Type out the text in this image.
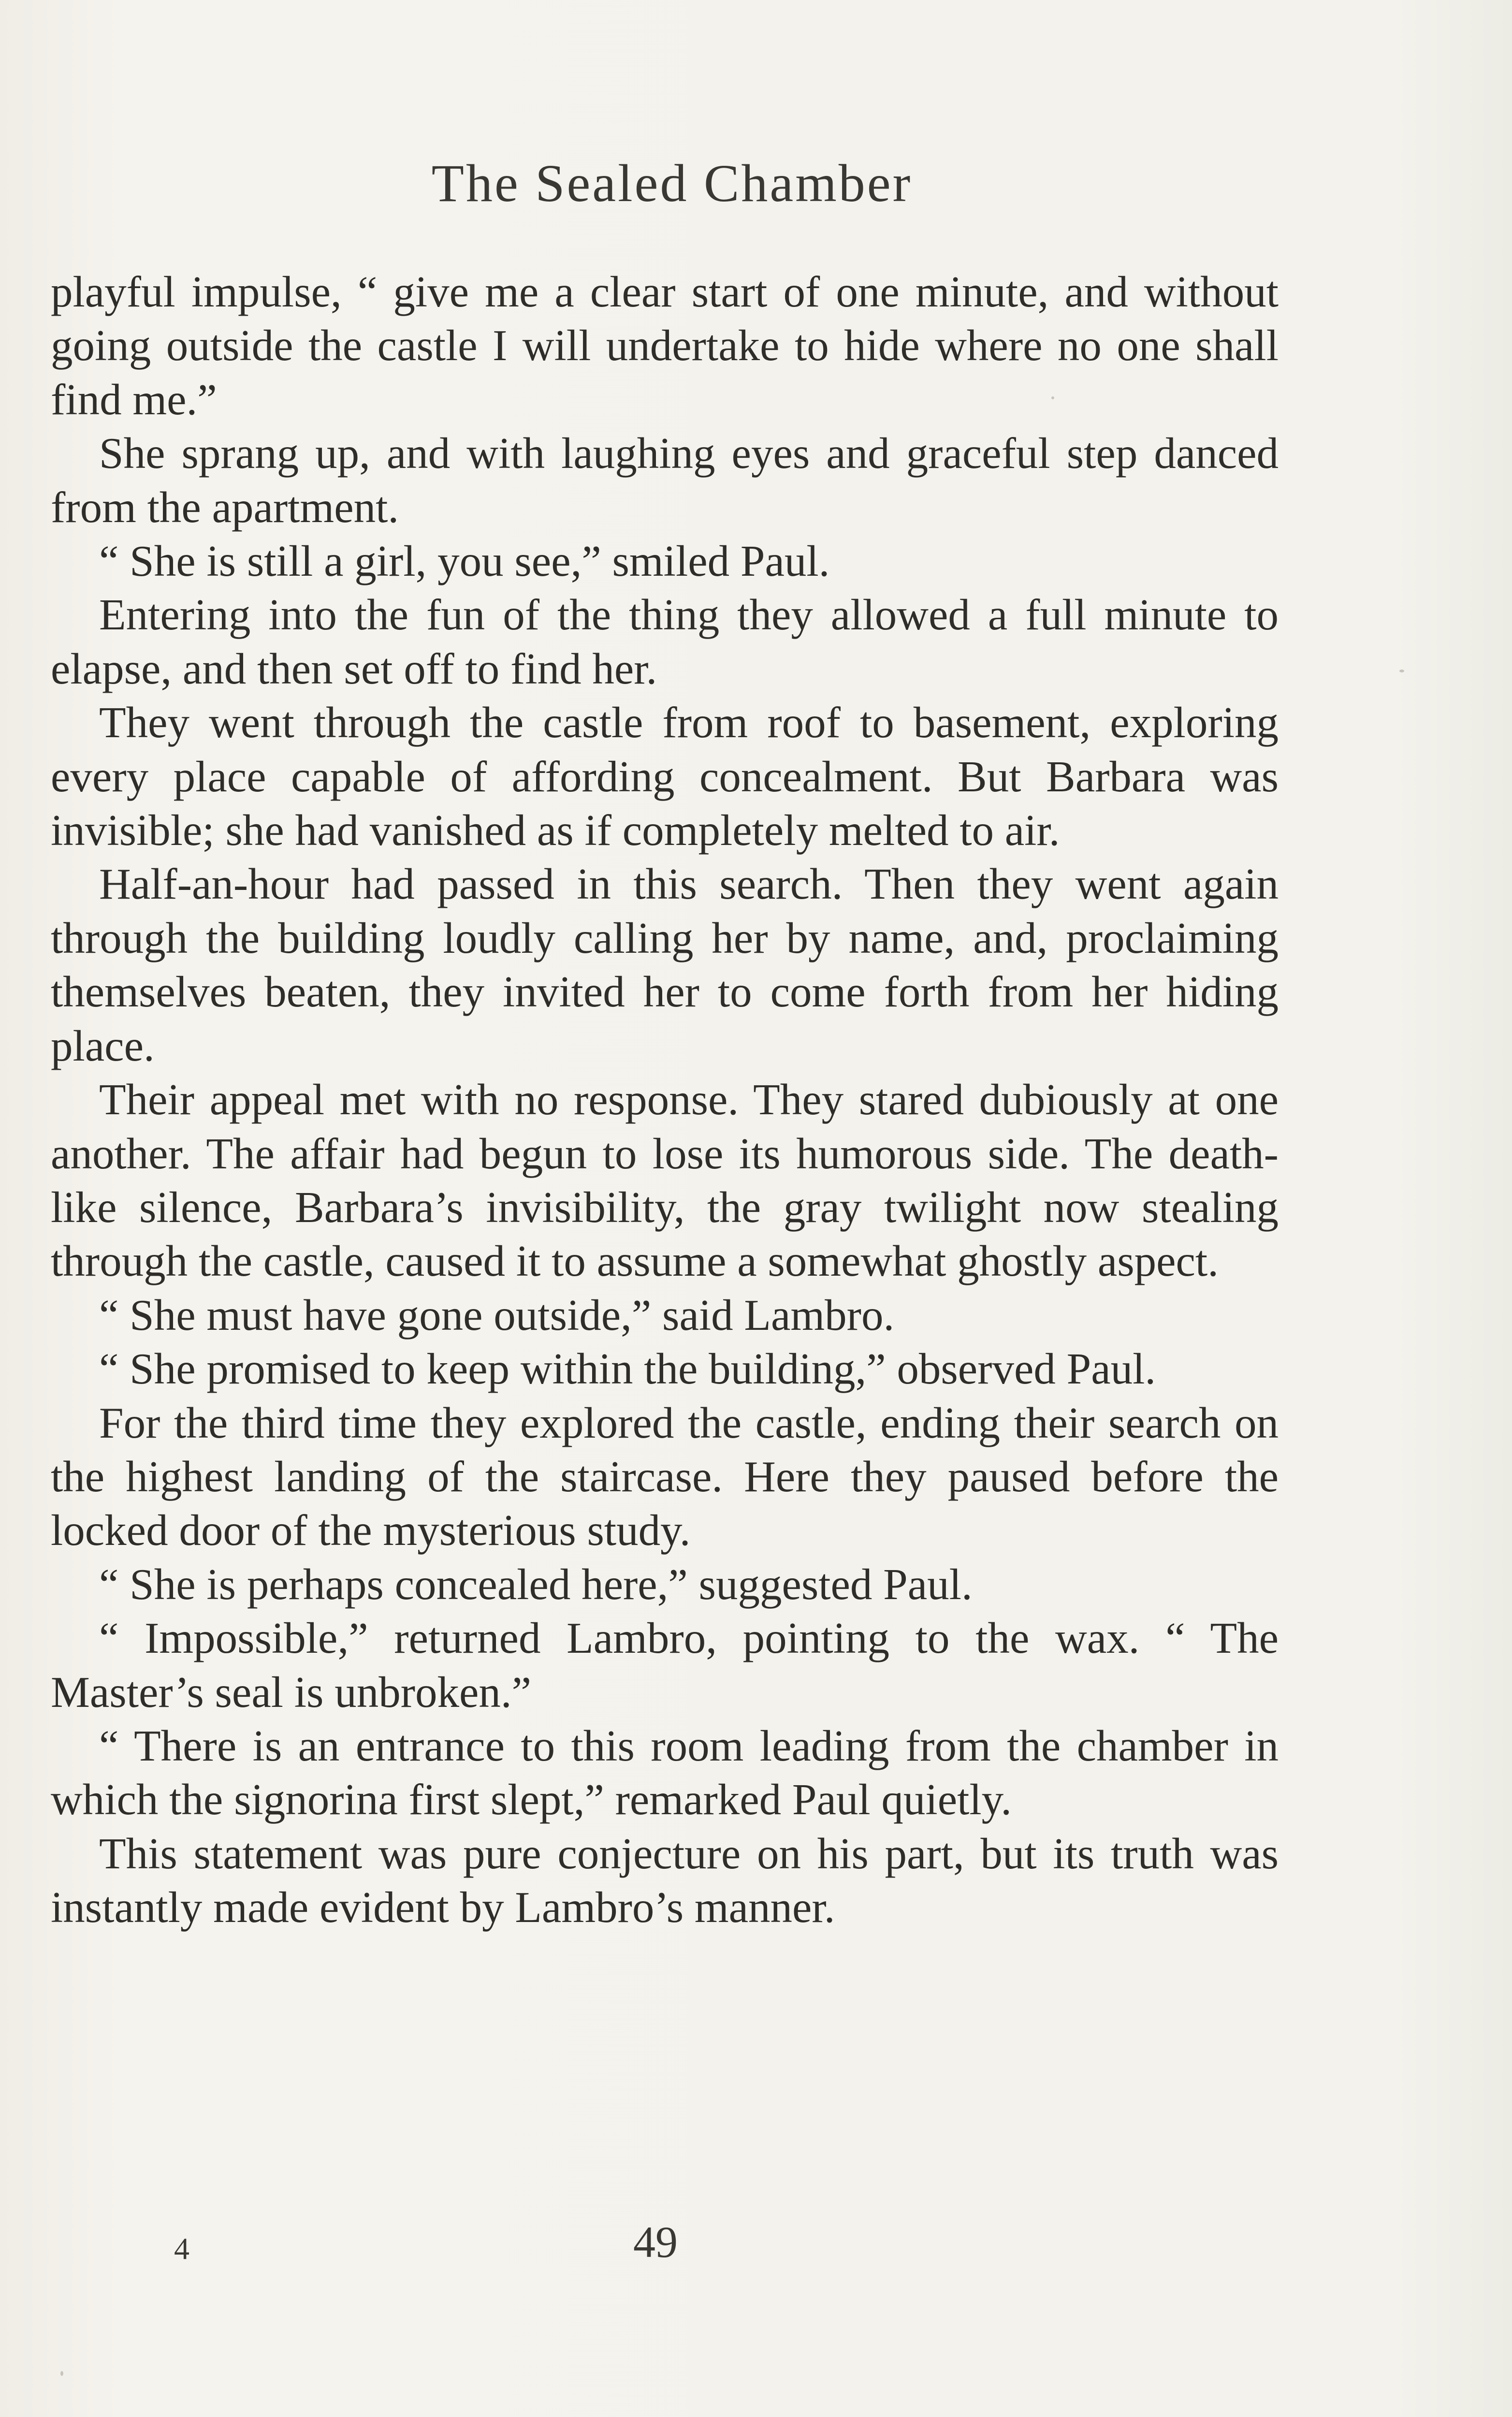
The Sealed Chamber

playful impulse, “ give me a clear start of one minute, and without going outside the castle I will undertake to hide where no one shall find me.”

She sprang up, and with laughing eyes and graceful step danced from the apartment.

“ She is still a girl, you see,” smiled Paul.

Entering into the fun of the thing they allowed a full minute to elapse, and then set off to find her.

They went through the castle from roof to basement, exploring every place capable of affording concealment. But Barbara was invisible; she had vanished as if completely melted to air.

Half-an-hour had passed in this search. Then they went again through the building loudly calling her by name, and, proclaiming themselves beaten, they invited her to come forth from her hiding place.

Their appeal met with no response. They stared dubiously at one another. The affair had begun to lose its humorous side. The death-like silence, Barbara’s invisibility, the gray twilight now stealing through the castle, caused it to assume a somewhat ghostly aspect.

“ She must have gone outside,” said Lambro.

“ She promised to keep within the building,” observed Paul.

For the third time they explored the castle, ending their search on the highest landing of the staircase. Here they paused before the locked door of the mysterious study.

“ She is perhaps concealed here,” suggested Paul.

“ Impossible,” returned Lambro, pointing to the wax. “ The Master’s seal is unbroken.”

“ There is an entrance to this room leading from the chamber in which the signorina first slept,” remarked Paul quietly.

This statement was pure conjecture on his part, but its truth was instantly made evident by Lambro’s manner.

4	49
